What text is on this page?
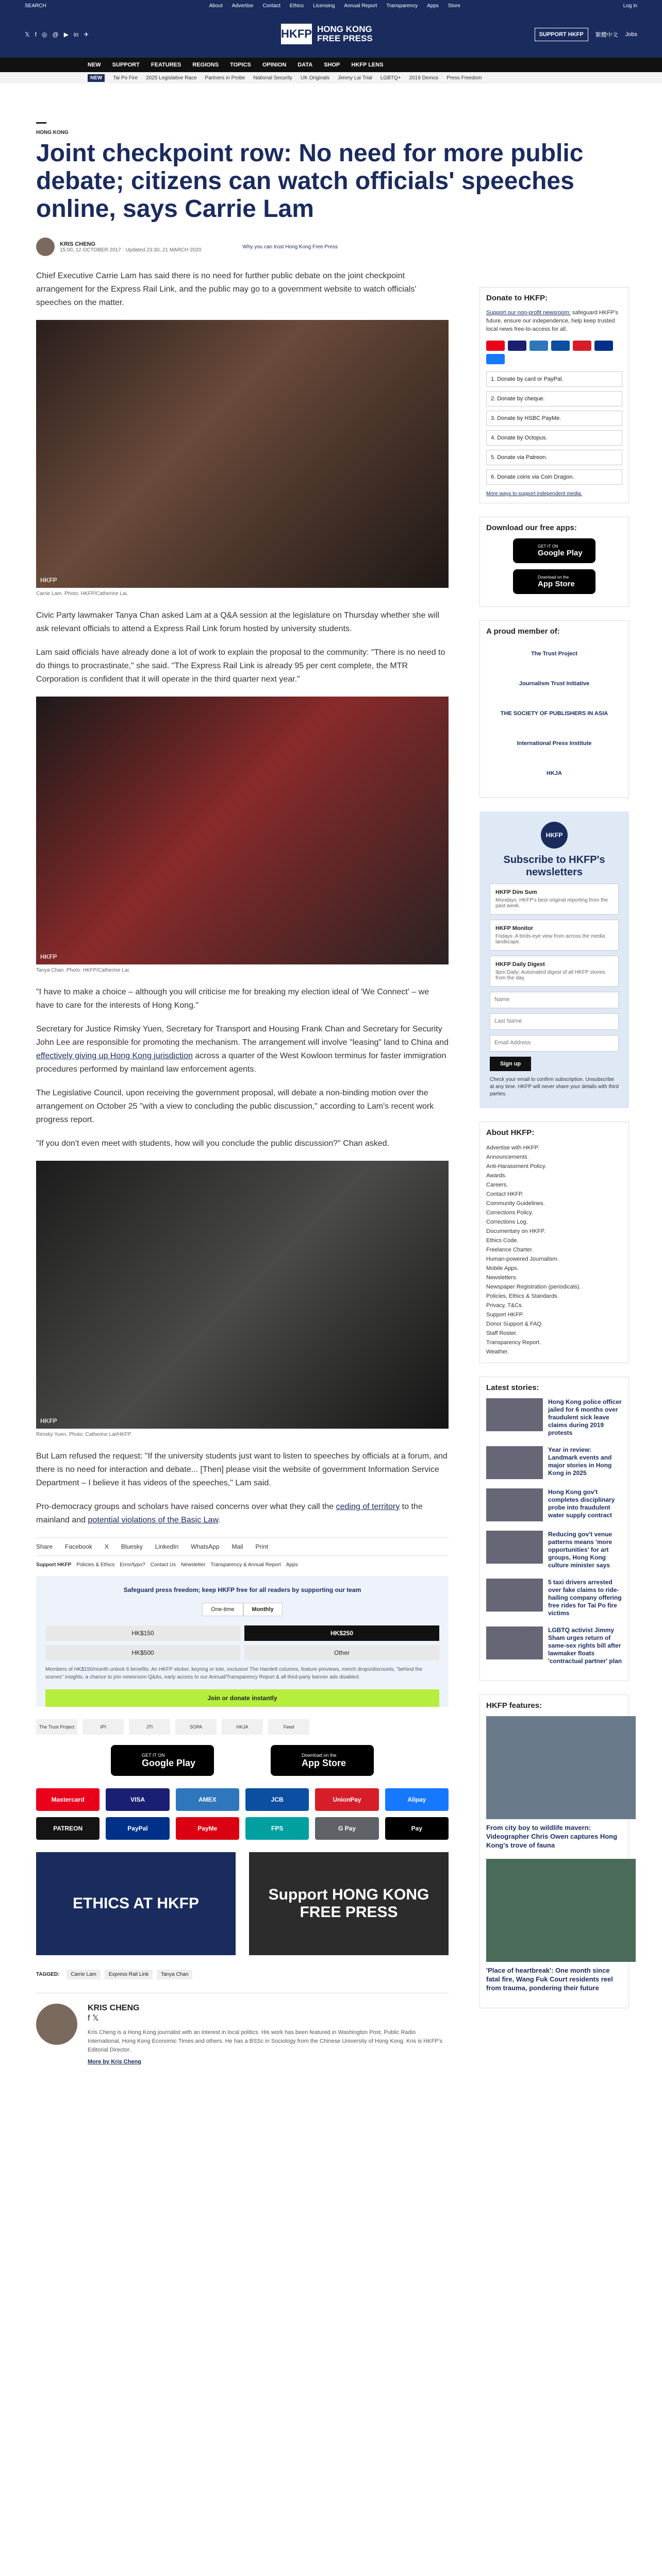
SEARCH	About Advertise Contact Ethics Licensing Annual Report Transparency Apps Store	Log in
𝕏 f ◎ @ ▶ in ✈	HKFP HONG KONG
FREE PRESS	SUPPORT HKFP	繁體中文 Jobs
NEW SUPPORT FEATURES REGIONS TOPICS OPINION DATA SHOP HKFP LENS
NEW	Tai Po Fire 2025 Legislative Race Partners in Probe National Security UK Originals Jimmy Lai Trial LGBTQ+ 2019 Demos Press Freedom
HONG KONG
Joint checkpoint row: No need for more public debate; citizens can watch officials' speeches online, says Carrie Lam
KRIS CHENG
15:00, 12 OCTOBER 2017 · Updated 23:30, 21 MARCH 2020
Why you can trust Hong Kong Free Press

Chief Executive Carrie Lam has said there is no need for further public debate on the joint checkpoint arrangement for the Express Rail Link, and the public may go to a government website to watch officials' speeches on the matter.

HKFP
Carrie Lam. Photo: HKFP/Catherine Lai.

Civic Party lawmaker Tanya Chan asked Lam at a Q&A session at the legislature on Thursday whether she will ask relevant officials to attend a Express Rail Link forum hosted by university students.

Lam said officials have already done a lot of work to explain the proposal to the community: "There is no need to do things to procrastinate," she said. "The Express Rail Link is already 95 per cent complete, the MTR Corporation is confident that it will operate in the third quarter next year."

HKFP
Tanya Chan. Photo: HKFP/Catherine Lai.

"I have to make a choice – although you will criticise me for breaking my election ideal of 'We Connect' – we have to care for the interests of Hong Kong."

Secretary for Justice Rimsky Yuen, Secretary for Transport and Housing Frank Chan and Secretary for Security John Lee are responsible for promoting the mechanism. The arrangement will involve "leasing" land to China and effectively giving up Hong Kong jurisdiction across a quarter of the West Kowloon terminus for faster immigration procedures performed by mainland law enforcement agents.

The Legislative Council, upon receiving the government proposal, will debate a non-binding motion over the arrangement on October 25 "with a view to concluding the public discussion," according to Lam's recent work progress report.

"If you don't even meet with students, how will you conclude the public discussion?" Chan asked.

HKFP
Rimsky Yuen. Photo: Catherine Lai/HKFP.

But Lam refused the request: "If the university students just want to listen to speeches by officials at a forum, and there is no need for interaction and debate... [Then] please visit the website of government Information Service Department – I believe it has videos of the speeches," Lam said.

Pro-democracy groups and scholars have raised concerns over what they call the ceding of territory to the mainland and potential violations of the Basic Law.

Share Facebook X Bluesky LinkedIn WhatsApp Mail Print
Support HKFP Policies & Ethics Error/typo? Contact Us Newsletter Transparency & Annual Report Apps
Safeguard press freedom; keep HKFP free for all readers by supporting our team
One-time	Monthly
HK$150	HK$250
HK$500	Other
Members of HK$150/month unlock 6 benefits: An HKFP sticker, keyring or tote, exclusive The Hamlett columns, feature previews, merch drops/discounts, "behind the scenes" insights, a chance to join newsroom Q&As, early access to our Annual/Transparency Report & all third-party banner ads disabled.
Join or donate instantly
The Trust Project	IPI	JTI	SOPA	HKJA	Feed
GET IT ON
Google Play
Download on the
App Store
Mastercard	VISA	AMEX	JCB	UnionPay	Alipay
PATREON	PayPal	PayMe	FPS	G Pay	Pay
ETHICS AT HKFP
Support HONG KONG FREE PRESS
TAGGED:	Carrie Lam	Express Rail Link	Tanya Chan
KRIS CHENG
f 𝕏
Kris Cheng is a Hong Kong journalist with an interest in local politics. His work has been featured in Washington Post, Public Radio International, Hong Kong Economic Times and others. He has a BSSc in Sociology from the Chinese University of Hong Kong. Kris is HKFP's Editorial Director.
More by Kris Cheng
Donate to HKFP:
Support our non-profit newsroom: safeguard HKFP's future, ensure our independence, help keep trusted local news free-to-access for all.
1. Donate by card or PayPal.
2. Donate by cheque.
3. Donate by HSBC PayMe.
4. Donate by Octopus.
5. Donate via Patreon.
6. Donate coins via Coin Dragon.
More ways to support independent media.
Download our free apps:
GET IT ON
Google Play
Download on the
App Store
A proud member of:
The Trust Project
Journalism Trust Initiative
THE SOCIETY OF PUBLISHERS IN ASIA
International Press Institute
HKJA
HKFP
Subscribe to HKFP's newsletters
HKFP Dim Sum
Mondays: HKFP's best original reporting from the past week.
HKFP Monitor
Fridays: A birds-eye view from across the media landscape.
HKFP Daily Digest
9pm Daily: Automated digest of all HKFP stories from the day.
Name
Last Name
Email Address
Sign up
Check your email to confirm subscription. Unsubscribe at any time. HKFP will never share your details with third parties.
About HKFP:
Advertise with HKFP.
Announcements.
Anti-Harassment Policy.
Awards.
Careers.
Contact HKFP.
Community Guidelines.
Corrections Policy.
Corrections Log.
Documentary on HKFP.
Ethics Code.
Freelance Charter.
Human-powered Journalism.
Mobile Apps.
Newsletters.
Newspaper Registration (periodicals).
Policies, Ethics & Standards.
Privacy, T&Cs.
Support HKFP.
Donor Support & FAQ.
Staff Roster.
Transparency Report.
Weather.
Latest stories:
Hong Kong police officer jailed for 6 months over fraudulent sick leave claims during 2019 protests
Year in review: Landmark events and major stories in Hong Kong in 2025
Hong Kong gov't completes disciplinary probe into fraudulent water supply contract
Reducing gov't venue patterns means 'more opportunities' for art groups, Hong Kong culture minister says
5 taxi drivers arrested over fake claims to ride-hailing company offering free rides for Tai Po fire victims
LGBTQ activist Jimmy Sham urges return of same-sex rights bill after lawmaker floats 'contractual partner' plan
HKFP features:
From city boy to wildlife mavern: Videographer Chris Owen captures Hong Kong's trove of fauna
'Place of heartbreak': One month since fatal fire, Wang Fuk Court residents reel from trauma, pondering their future
